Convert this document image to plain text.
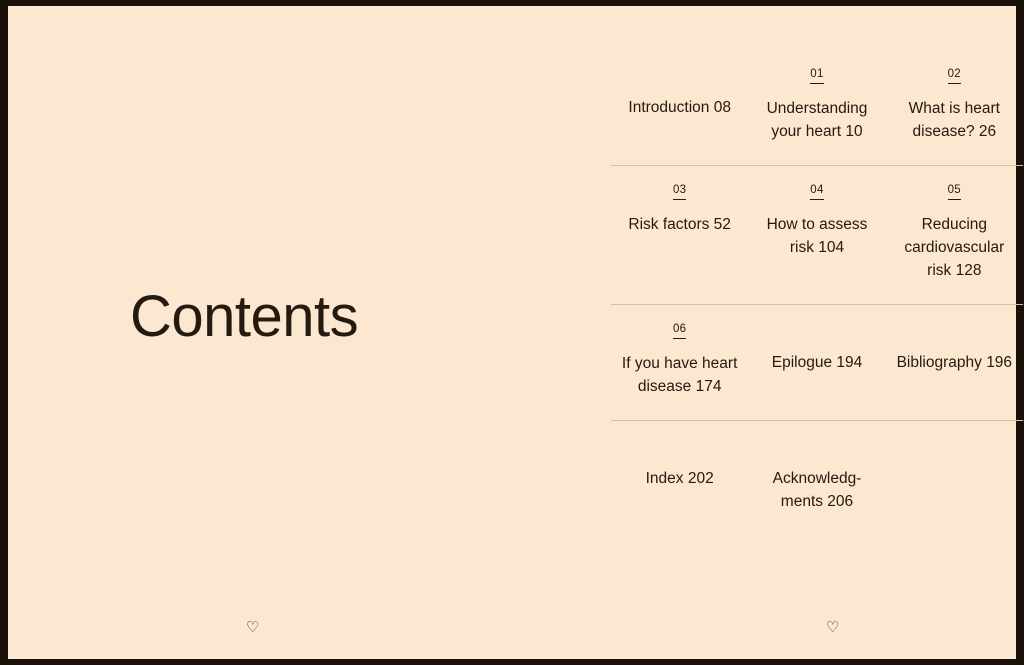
Contents
♡
Introduction 08
01
Understanding your heart 10
02
What is heart disease? 26
03
Risk factors 52
04
How to assess risk 104
05
Reducing cardiovascular risk 128
06
If you have heart disease 174
Epilogue 194	Bibliography 196
Index 202	Acknowledg-ments 206
♡
